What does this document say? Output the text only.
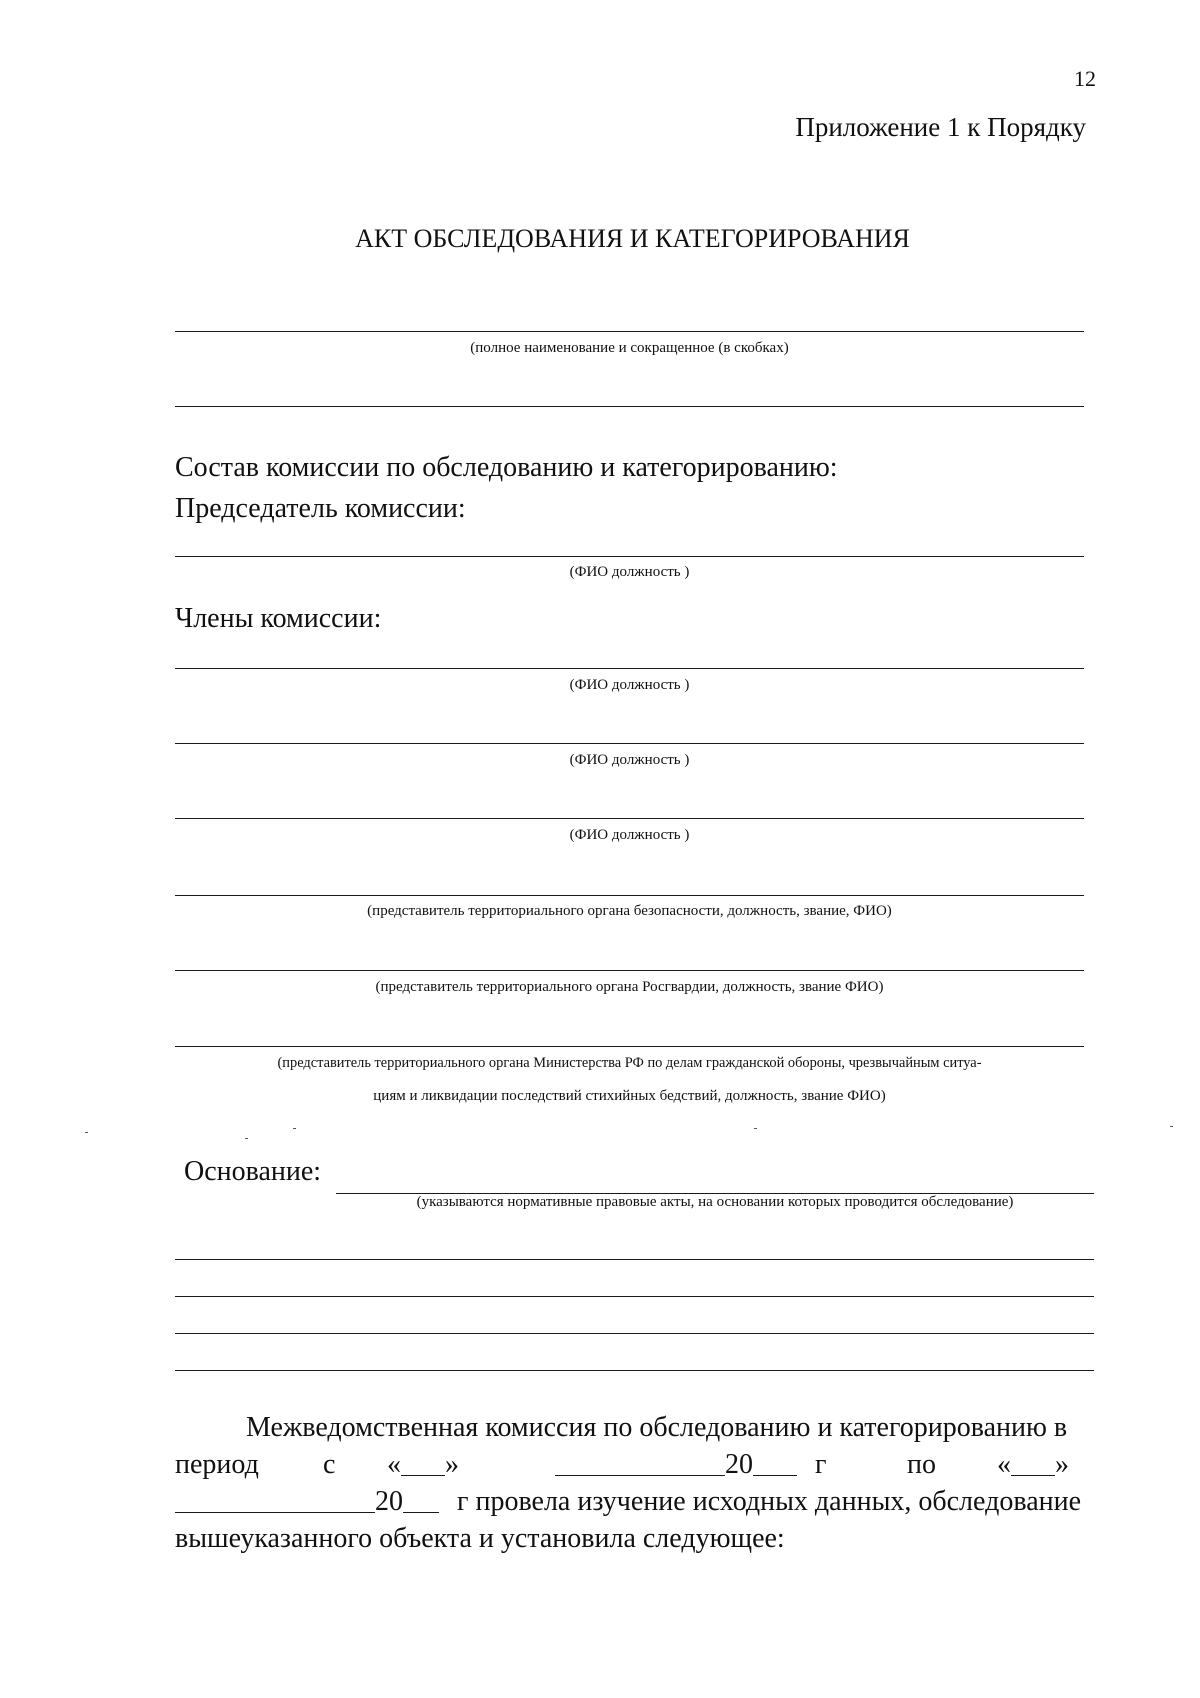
12
Приложение 1 к Порядку
АКТ ОБСЛЕДОВАНИЯ И КАТЕГОРИРОВАНИЯ
(полное наименование и сокращенное (в скобках)
Состав комиссии по обследованию и категорированию:
Председатель комиссии:
(ФИО должность )
Члены комиссии:
(ФИО должность )
(ФИО должность )
(ФИО должность )
(представитель территориального органа безопасности, должность, звание, ФИО)
(представитель территориального органа Росгвардии, должность, звание ФИО)
(представитель территориального органа Министерства РФ по делам гражданской обороны, чрезвычайным ситуа-
циям и ликвидации последствий стихийных бедствий, должность, звание ФИО)
Основание:
(указываются нормативные правовые акты, на основании которых проводится обследование)
Межведомственная комиссия по обследованию и категорированию в
период с « »	20 г	по « »
20 г провела изучение исходных данных, обследование
вышеуказанного объекта и установила следующее:
